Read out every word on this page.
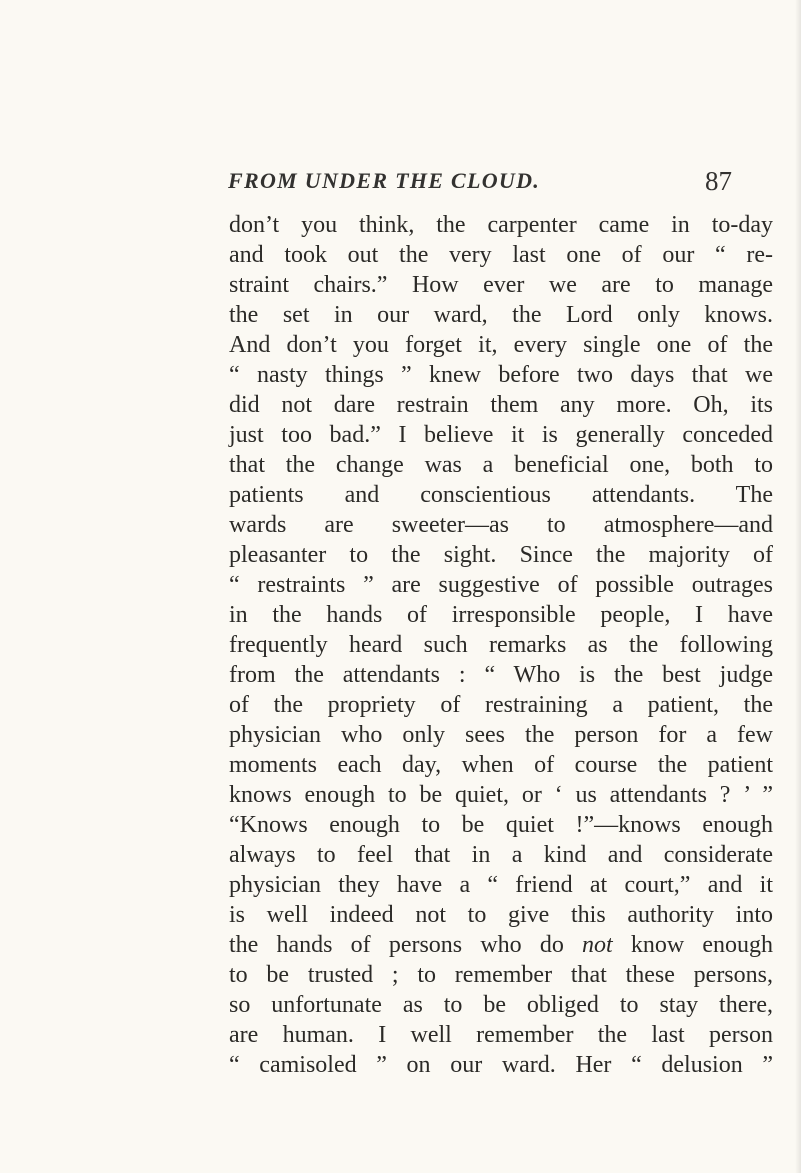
FROM UNDER THE CLOUD.	87
don’t you think, the carpenter came in to-day
and took out the very last one of our “ re-
straint chairs.” How ever we are to manage
the set in our ward, the Lord only knows.
And don’t you forget it, every single one of the
“ nasty things ” knew before two days that we
did not dare restrain them any more. Oh, its
just too bad.” I believe it is generally conceded
that the change was a beneficial one, both to
patients and conscientious attendants. The
wards are sweeter—as to atmosphere—and
pleasanter to the sight. Since the majority of
“ restraints ” are suggestive of possible outrages
in the hands of irresponsible people, I have
frequently heard such remarks as the following
from the attendants : “ Who is the best judge
of the propriety of restraining a patient, the
physician who only sees the person for a few
moments each day, when of course the patient
knows enough to be quiet, or ‘ us attendants ? ’ ”
“Knows enough to be quiet !”—knows enough
always to feel that in a kind and considerate
physician they have a “ friend at court,” and it
is well indeed not to give this authority into
the hands of persons who do not know enough
to be trusted ; to remember that these persons,
so unfortunate as to be obliged to stay there,
are human. I well remember the last person
“ camisoled ” on our ward. Her “ delusion ”
